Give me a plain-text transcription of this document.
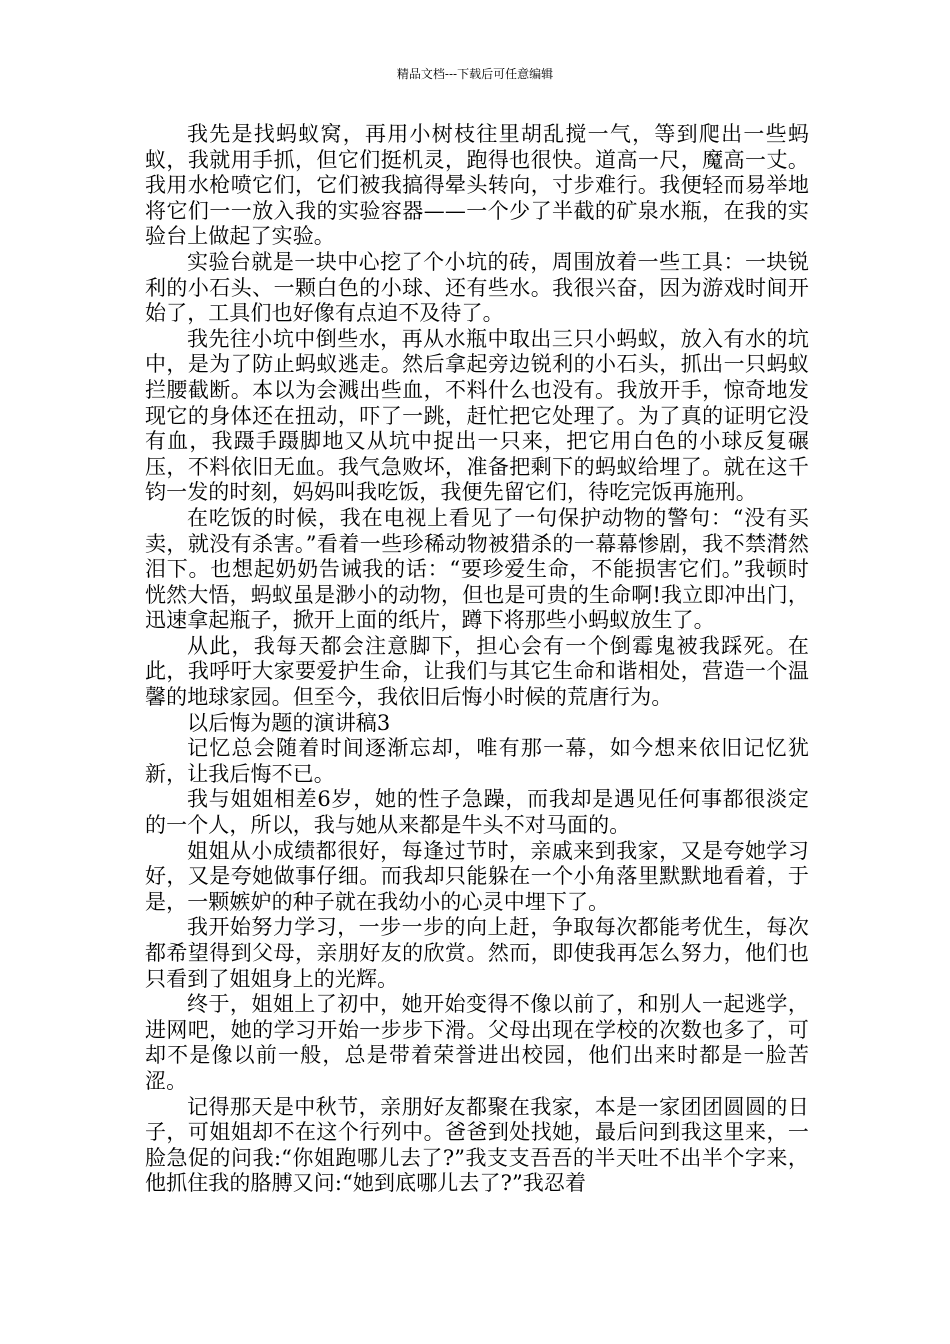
精品文档---下载后可任意编辑

我先是找蚂蚁窝，再用小树枝往里胡乱搅一气，等到爬出一些蚂蚁，我就用手抓，但它们挺机灵，跑得也很快。道高一尺，魔高一丈。我用水枪喷它们，它们被我搞得晕头转向，寸步难行。我便轻而易举地将它们一一放入我的实验容器——一个少了半截的矿泉水瓶，在我的实验台上做起了实验。

实验台就是一块中心挖了个小坑的砖，周围放着一些工具：一块锐利的小石头、一颗白色的小球、还有些水。我很兴奋，因为游戏时间开始了，工具们也好像有点迫不及待了。

我先往小坑中倒些水，再从水瓶中取出三只小蚂蚁，放入有水的坑中，是为了防止蚂蚁逃走。然后拿起旁边锐利的小石头，抓出一只蚂蚁拦腰截断。本以为会溅出些血，不料什么也没有。我放开手，惊奇地发现它的身体还在扭动，吓了一跳，赶忙把它处理了。为了真的证明它没有血，我蹑手蹑脚地又从坑中捉出一只来，把它用白色的小球反复碾压，不料依旧无血。我气急败坏，准备把剩下的蚂蚁给埋了。就在这千钧一发的时刻，妈妈叫我吃饭，我便先留它们，待吃完饭再施刑。

在吃饭的时候，我在电视上看见了一句保护动物的警句：“没有买卖，就没有杀害。”看着一些珍稀动物被猎杀的一幕幕惨剧，我不禁潸然泪下。也想起奶奶告诫我的话：“要珍爱生命，不能损害它们。”我顿时恍然大悟，蚂蚁虽是渺小的动物，但也是可贵的生命啊!我立即冲出门，迅速拿起瓶子，掀开上面的纸片，蹲下将那些小蚂蚁放生了。

从此，我每天都会注意脚下，担心会有一个倒霉鬼被我踩死。在此，我呼吁大家要爱护生命，让我们与其它生命和谐相处，营造一个温馨的地球家园。但至今，我依旧后悔小时候的荒唐行为。

以后悔为题的演讲稿3

记忆总会随着时间逐渐忘却，唯有那一幕，如今想来依旧记忆犹新，让我后悔不已。

我与姐姐相差6岁，她的性子急躁，而我却是遇见任何事都很淡定的一个人，所以，我与她从来都是牛头不对马面的。

姐姐从小成绩都很好，每逢过节时，亲戚来到我家，又是夸她学习好，又是夸她做事仔细。而我却只能躲在一个小角落里默默地看着，于是，一颗嫉妒的种子就在我幼小的心灵中埋下了。

我开始努力学习，一步一步的向上赶，争取每次都能考优生，每次都希望得到父母，亲朋好友的欣赏。然而，即使我再怎么努力，他们也只看到了姐姐身上的光辉。

终于，姐姐上了初中，她开始变得不像以前了，和别人一起逃学，进网吧，她的学习开始一步步下滑。父母出现在学校的次数也多了，可却不是像以前一般，总是带着荣誉进出校园，他们出来时都是一脸苦涩。

记得那天是中秋节，亲朋好友都聚在我家，本是一家团团圆圆的日子，可姐姐却不在这个行列中。爸爸到处找她，最后问到我这里来，一脸急促的问我:“你姐跑哪儿去了?”我支支吾吾的半天吐不出半个字来，他抓住我的胳膊又问:“她到底哪儿去了?”我忍着
